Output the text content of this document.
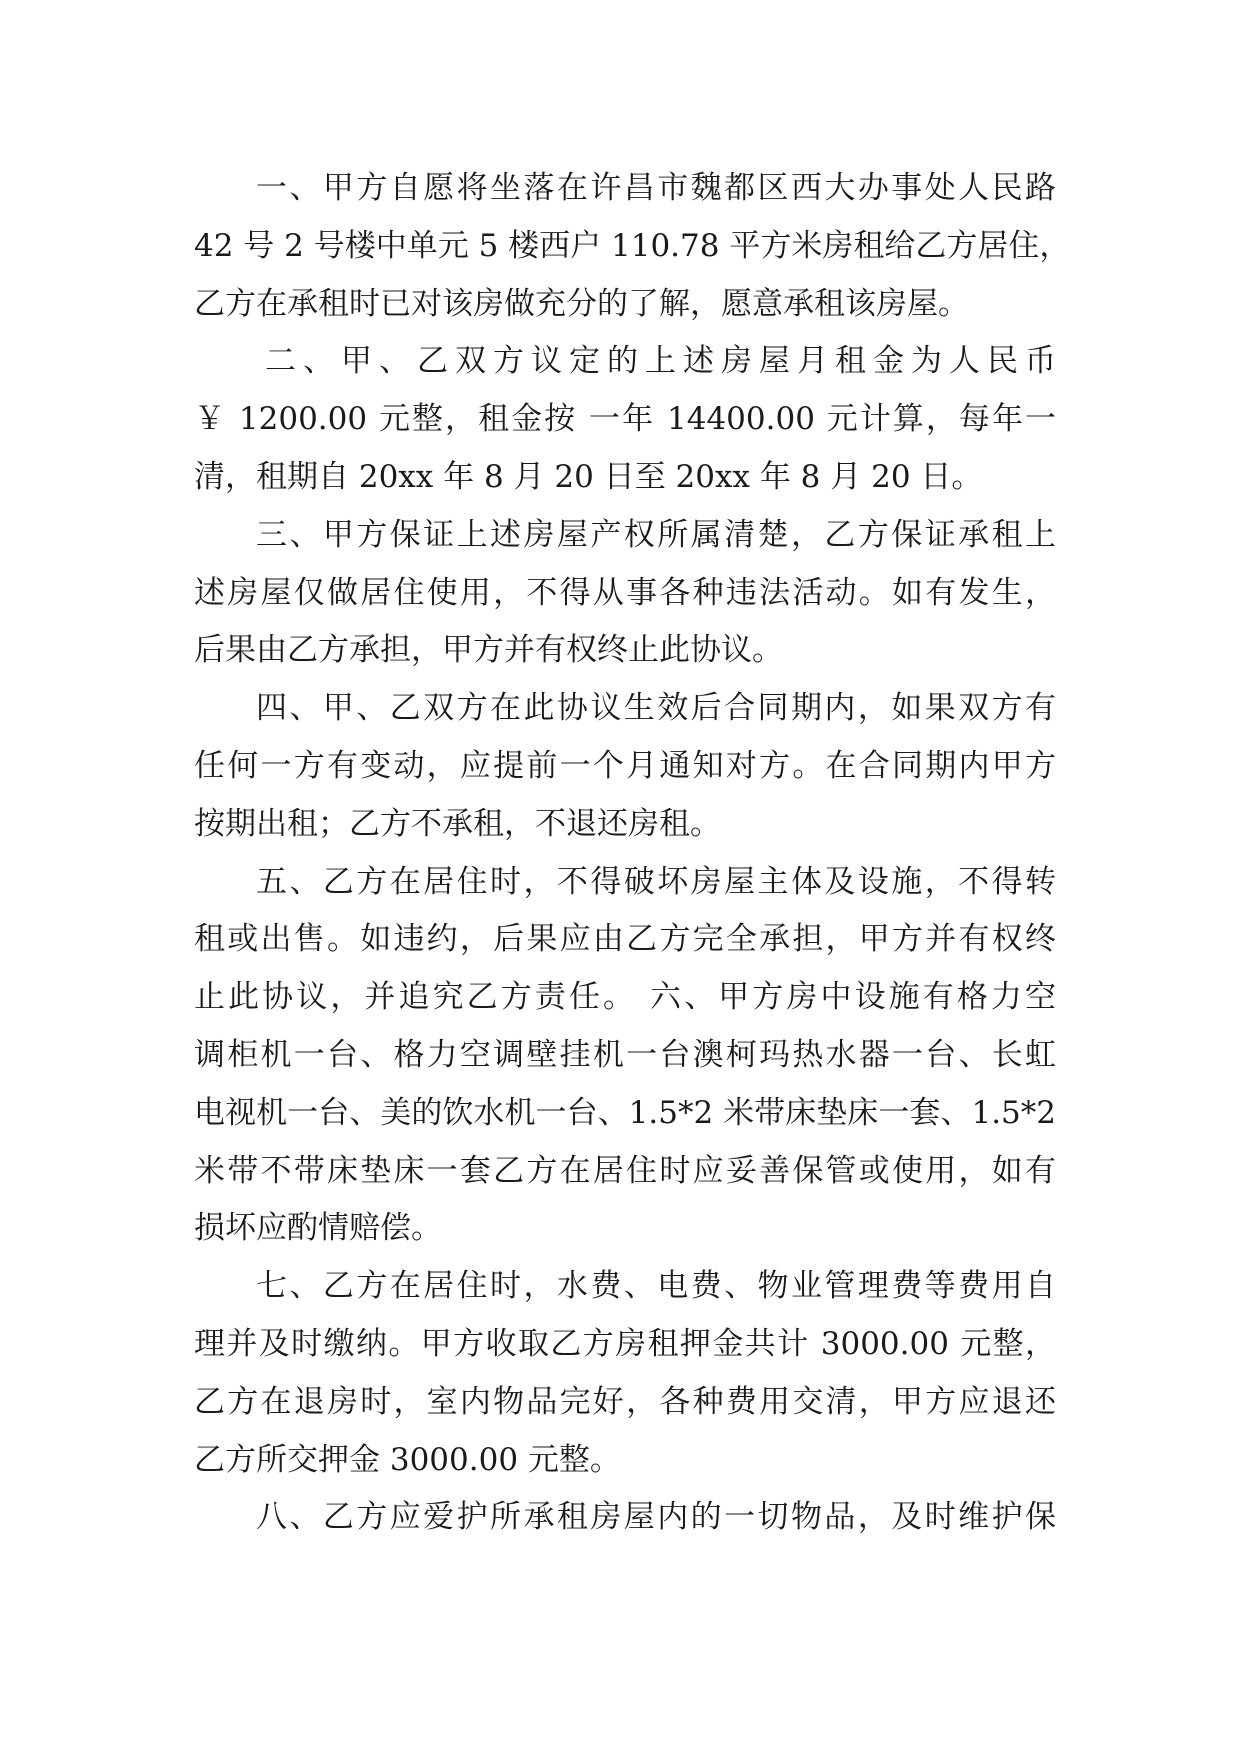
一、甲方自愿将坐落在许昌市魏都区西大办事处人民路
42 号 2 号楼中单元 5 楼西户 110.78 平方米房租给乙方居住，
乙方在承租时已对该房做充分的了解，愿意承租该房屋。
二、甲、乙双方议定的上述房屋月租金为人民币
￥ 1200.00 元整，租金按 一年 14400.00 元计算，每年一
清，租期自 20xx 年 8 月 20 日至 20xx 年 8 月 20 日。
三、甲方保证上述房屋产权所属清楚，乙方保证承租上
述房屋仅做居住使用，不得从事各种违法活动。如有发生，
后果由乙方承担，甲方并有权终止此协议。
四、甲、乙双方在此协议生效后合同期内，如果双方有
任何一方有变动，应提前一个月通知对方。在合同期内甲方
按期出租；乙方不承租，不退还房租。
五、乙方在居住时，不得破坏房屋主体及设施，不得转
租或出售。如违约，后果应由乙方完全承担，甲方并有权终
止此协议，并追究乙方责任。 六、甲方房中设施有格力空
调柜机一台、格力空调壁挂机一台澳柯玛热水器一台、长虹
电视机一台、美的饮水机一台、1.5*2 米带床垫床一套、1.5*2
米带不带床垫床一套乙方在居住时应妥善保管或使用，如有
损坏应酌情赔偿。
七、乙方在居住时，水费、电费、物业管理费等费用自
理并及时缴纳。甲方收取乙方房租押金共计 3000.00 元整，
乙方在退房时，室内物品完好，各种费用交清，甲方应退还
乙方所交押金 3000.00 元整。
八、乙方应爱护所承租房屋内的一切物品，及时维护保
